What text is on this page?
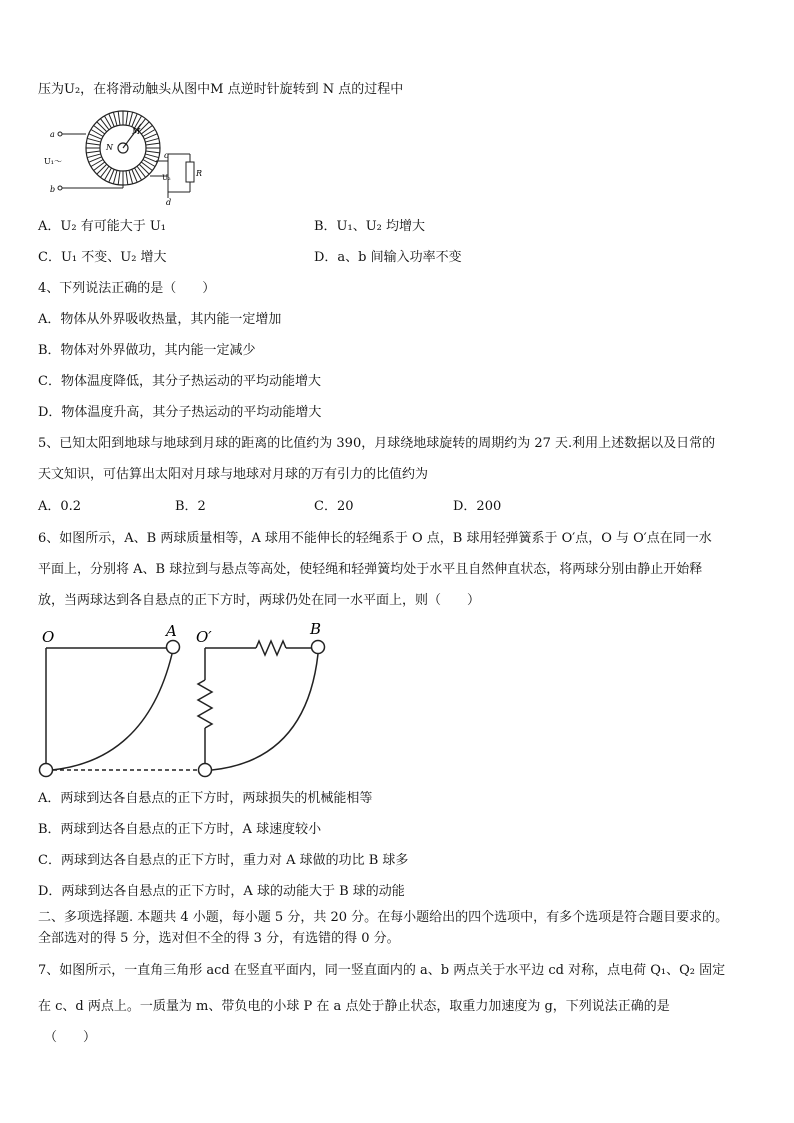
压为U₂，在将滑动触头从图中M 点逆时针旋转到 N 点的过程中
a
b
U₁～
M
N
c
d
U₂	R
A．U₂ 有可能大于 U₁	B．U₁、U₂ 均增大
C．U₁ 不变、U₂ 增大	D．a、b 间输入功率不变
4、下列说法正确的是（　　）
A．物体从外界吸收热量，其内能一定增加
B．物体对外界做功，其内能一定减少
C．物体温度降低，其分子热运动的平均动能增大
D．物体温度升高，其分子热运动的平均动能增大
5、已知太阳到地球与地球到月球的距离的比值约为 390，月球绕地球旋转的周期约为 27 天.利用上述数据以及日常的
天文知识，可估算出太阳对月球与地球对月球的万有引力的比值约为
A．0.2	B．2	C．20	D．200
6、如图所示，A、B 两球质量相等，A 球用不能伸长的轻绳系于 O 点，B 球用轻弹簧系于 O′点，O 与 O′点在同一水
平面上，分别将 A、B 球拉到与悬点等高处，使轻绳和轻弹簧均处于水平且自然伸直状态，将两球分别由静止开始释
放，当两球达到各自悬点的正下方时，两球仍处在同一水平面上，则（　　）
O	A O′	B
A．两球到达各自悬点的正下方时，两球损失的机械能相等
B．两球到达各自悬点的正下方时，A 球速度较小
C．两球到达各自悬点的正下方时，重力对 A 球做的功比 B 球多
D．两球到达各自悬点的正下方时，A 球的动能大于 B 球的动能
二、多项选择题. 本题共 4 小题，每小题 5 分，共 20 分。在每小题给出的四个选项中，有多个选项是符合题目要求的。
全部选对的得 5 分，选对但不全的得 3 分，有选错的得 0 分。
7、如图所示，一直角三角形 acd 在竖直平面内，同一竖直面内的 a、b 两点关于水平边 cd 对称，点电荷 Q₁、Q₂ 固定
在 c、d 两点上。一质量为 m、带负电的小球 P 在 a 点处于静止状态，取重力加速度为 g，下列说法正确的是
（　　）
